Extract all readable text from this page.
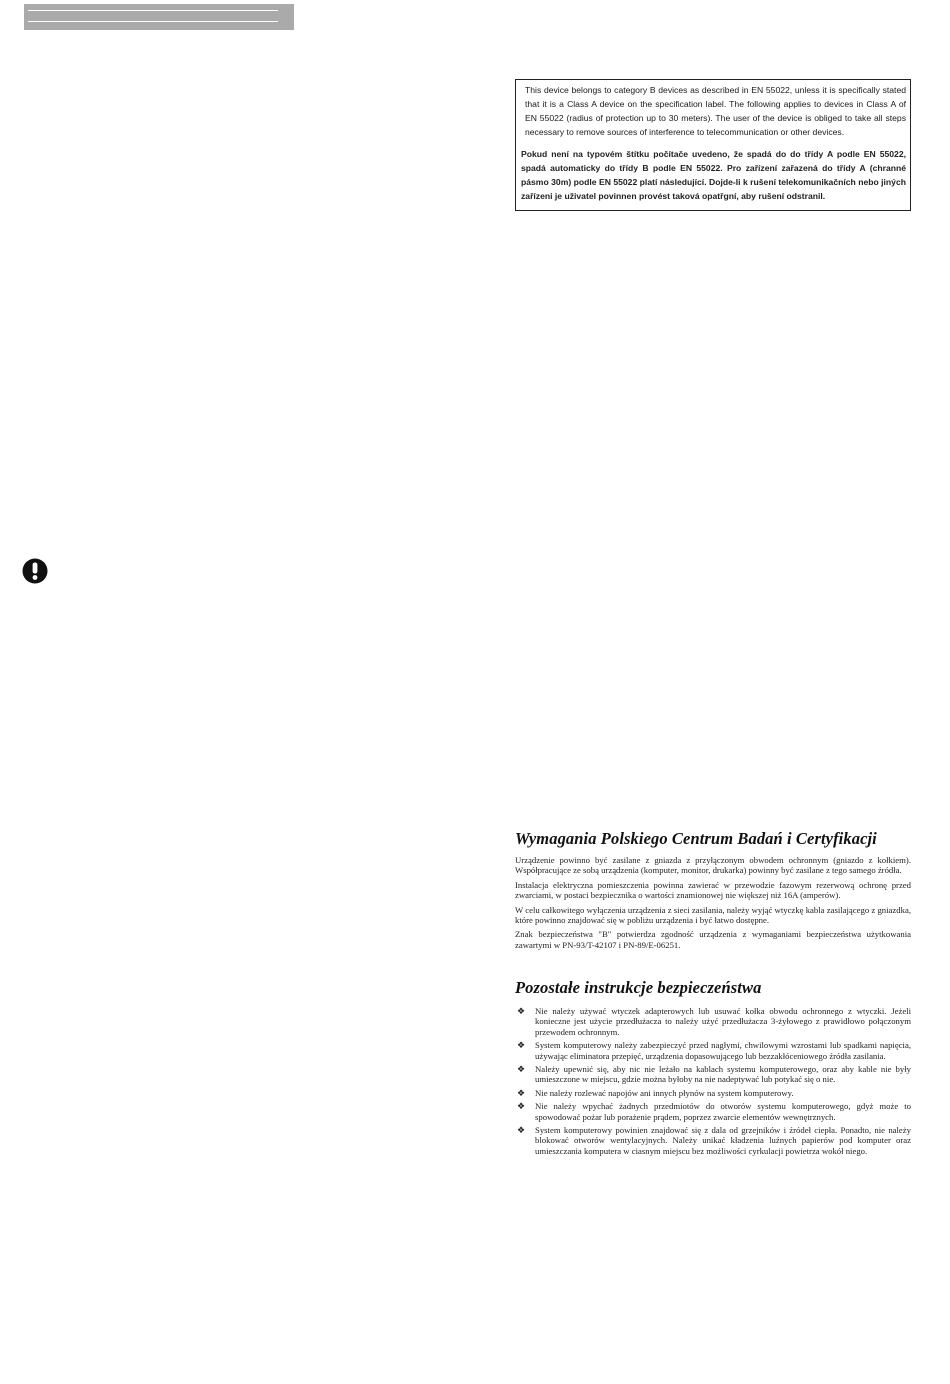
This device belongs to category B devices as described in EN 55022, unless it is specifically stated that it is a Class A device on the specification label. The following applies to devices in Class A of EN 55022 (radius of protection up to 30 meters). The user of the device is obliged to take all steps necessary to remove sources of interference to telecommunication or other devices.

Pokud není na typovém štítku počítače uvedeno, že spadá do do třídy A podle EN 55022, spadá automaticky do třídy B podle EN 55022. Pro zařízení zařazená do třídy A (chranné pásmo 30m) podle EN 55022 platí následující. Dojde-li k rušení telekomunikačních nebo jiných zařízeni je uživatel povinnen provést taková opatřgní, aby rušení odstranil.

Wymagania Polskiego Centrum Badań i Certyfikacji

Urządzenie powinno być zasilane z gniazda z przyłączonym obwodem ochronnym (gniazdo z kołkiem). Współpracujące ze sobą urządzenia (komputer, monitor, drukarka) powinny być zasilane z tego samego źródła.

Instalacja elektryczna pomieszczenia powinna zawierać w przewodzie fazowym rezerwową ochronę przed zwarciami, w postaci bezpiecznika o wartości znamionowej nie większej niż 16A (amperów).

W celu całkowitego wyłączenia urządzenia z sieci zasilania, należy wyjąć wtyczkę kabla zasilającego z gniazdka, które powinno znajdować się w pobliżu urządzenia i być łatwo dostępne.

Znak bezpieczeństwa "B" potwierdza zgodność urządzenia z wymaganiami bezpieczeństwa użytkowania zawartymi w PN-93/T-42107 i PN-89/E-06251.

Pozostałe instrukcje bezpieczeństwa
❖ Nie należy używać wtyczek adapterowych lub usuwać kołka obwodu ochronnego z wtyczki. Jeżeli konieczne jest użycie przedłużacza to należy użyć przedłużacza 3-żyłowego z prawidłowo połączonym przewodem ochronnym.
❖ System komputerowy należy zabezpieczyć przed nagłymi, chwilowymi wzrostami lub spadkami napięcia, używając eliminatora przepięć, urządzenia dopasowującego lub bezzakłóceniowego źródła zasilania.
❖ Należy upewnić się, aby nic nie leżało na kablach systemu komputerowego, oraz aby kable nie były umieszczone w miejscu, gdzie można byłoby na nie nadeptywać lub potykać się o nie.
❖ Nie należy rozlewać napojów ani innych płynów na system komputerowy.
❖ Nie należy wpychać żadnych przedmiotów do otworów systemu komputerowego, gdyż może to spowodować pożar lub porażenie prądem, poprzez zwarcie elementów wewnętrznych.
❖ System komputerowy powinien znajdować się z dala od grzejników i źródeł ciepła. Ponadto, nie należy blokować otworów wentylacyjnych. Należy unikać kładzenia luźnych papierów pod komputer oraz umieszczania komputera w ciasnym miejscu bez możliwości cyrkulacji powietrza wokół niego.
